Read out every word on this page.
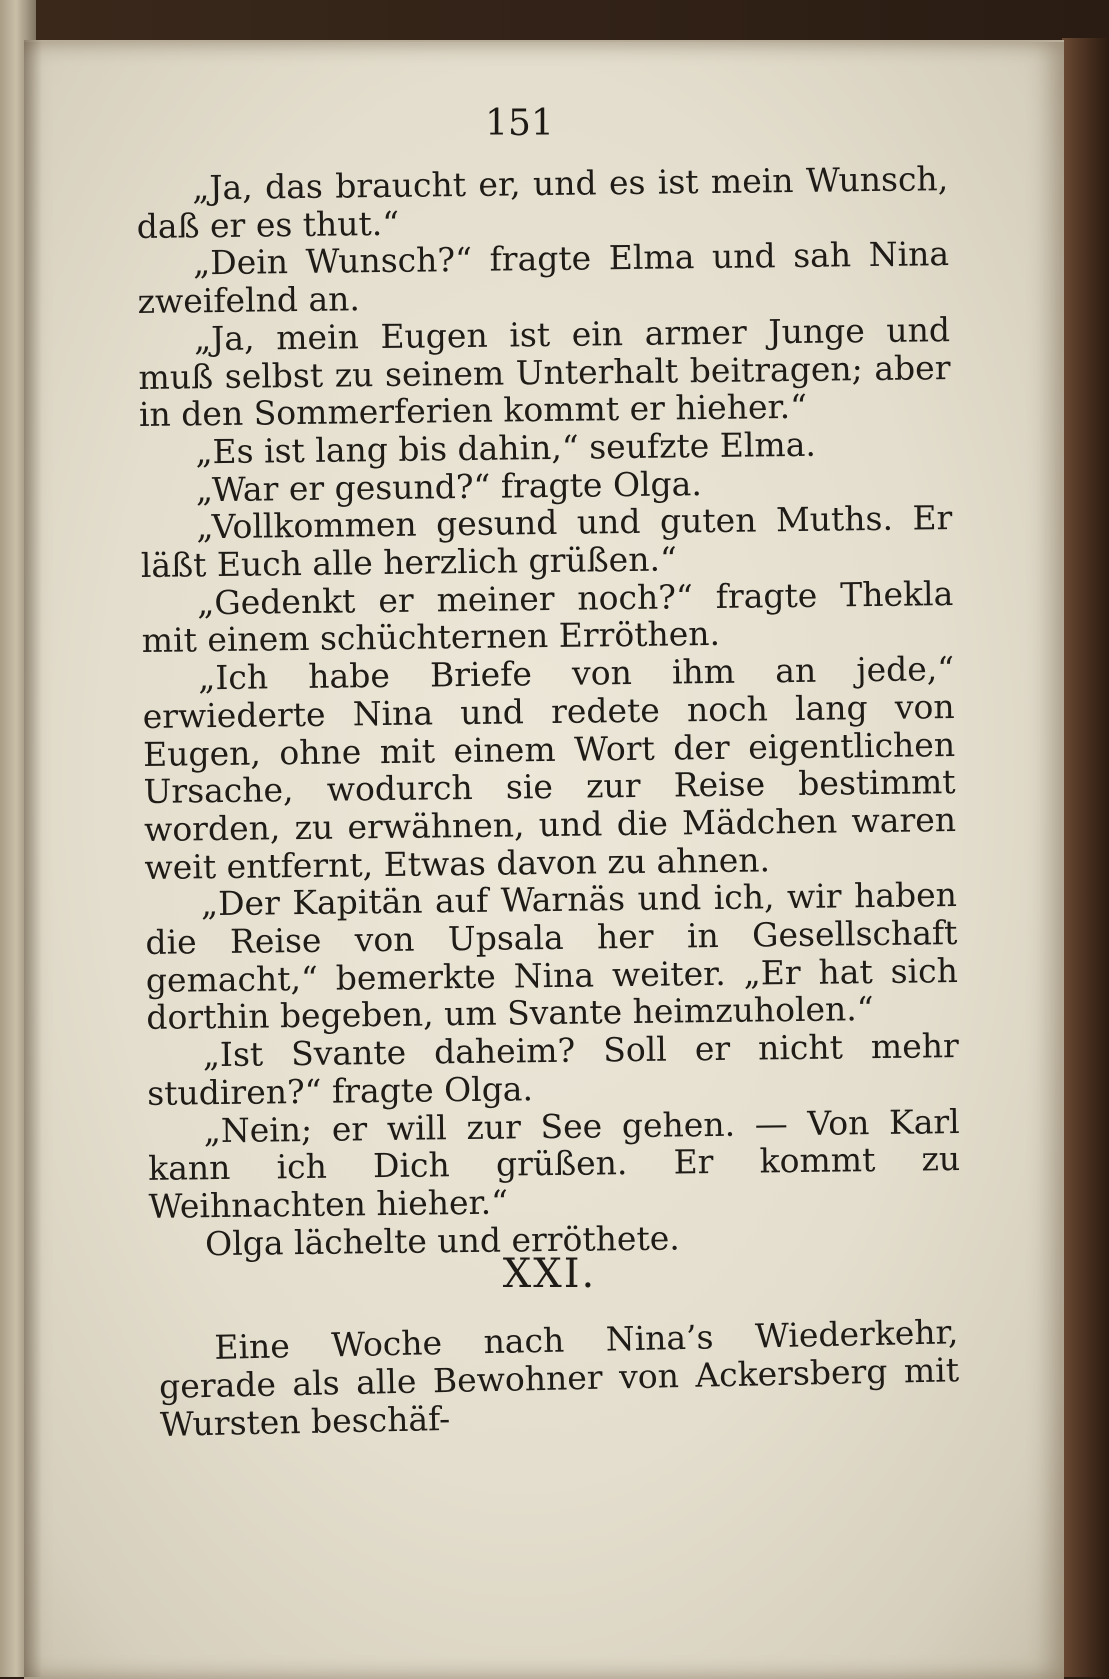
151

„Ja, das braucht er, und es ist mein Wunsch, daß er es thut.“

„Dein Wunsch?“ fragte Elma und sah Nina zweifelnd an.

„Ja, mein Eugen ist ein armer Junge und muß selbst zu seinem Unterhalt beitragen; aber in den Sommerferien kommt er hieher.“

„Es ist lang bis dahin,“ seufzte Elma.

„War er gesund?“ fragte Olga.

„Vollkommen gesund und guten Muths. Er läßt Euch alle herzlich grüßen.“

„Gedenkt er meiner noch?“ fragte Thekla mit einem schüchternen Erröthen.

„Ich habe Briefe von ihm an jede,“ erwiederte Nina und redete noch lang von Eugen, ohne mit einem Wort der eigentlichen Ursache, wodurch sie zur Reise bestimmt worden, zu erwähnen, und die Mädchen waren weit entfernt, Etwas davon zu ahnen.

„Der Kapitän auf Warnäs und ich, wir haben die Reise von Upsala her in Gesellschaft gemacht,“ bemerkte Nina weiter. „Er hat sich dorthin begeben, um Svante heimzuholen.“

„Ist Svante daheim? Soll er nicht mehr studiren?“ fragte Olga.

„Nein; er will zur See gehen. — Von Karl kann ich Dich grüßen. Er kommt zu Weihnachten hieher.“

Olga lächelte und erröthete.

XXI.

Eine Woche nach Nina’s Wiederkehr, gerade als alle Bewohner von Ackersberg mit Wursten beschäf-
